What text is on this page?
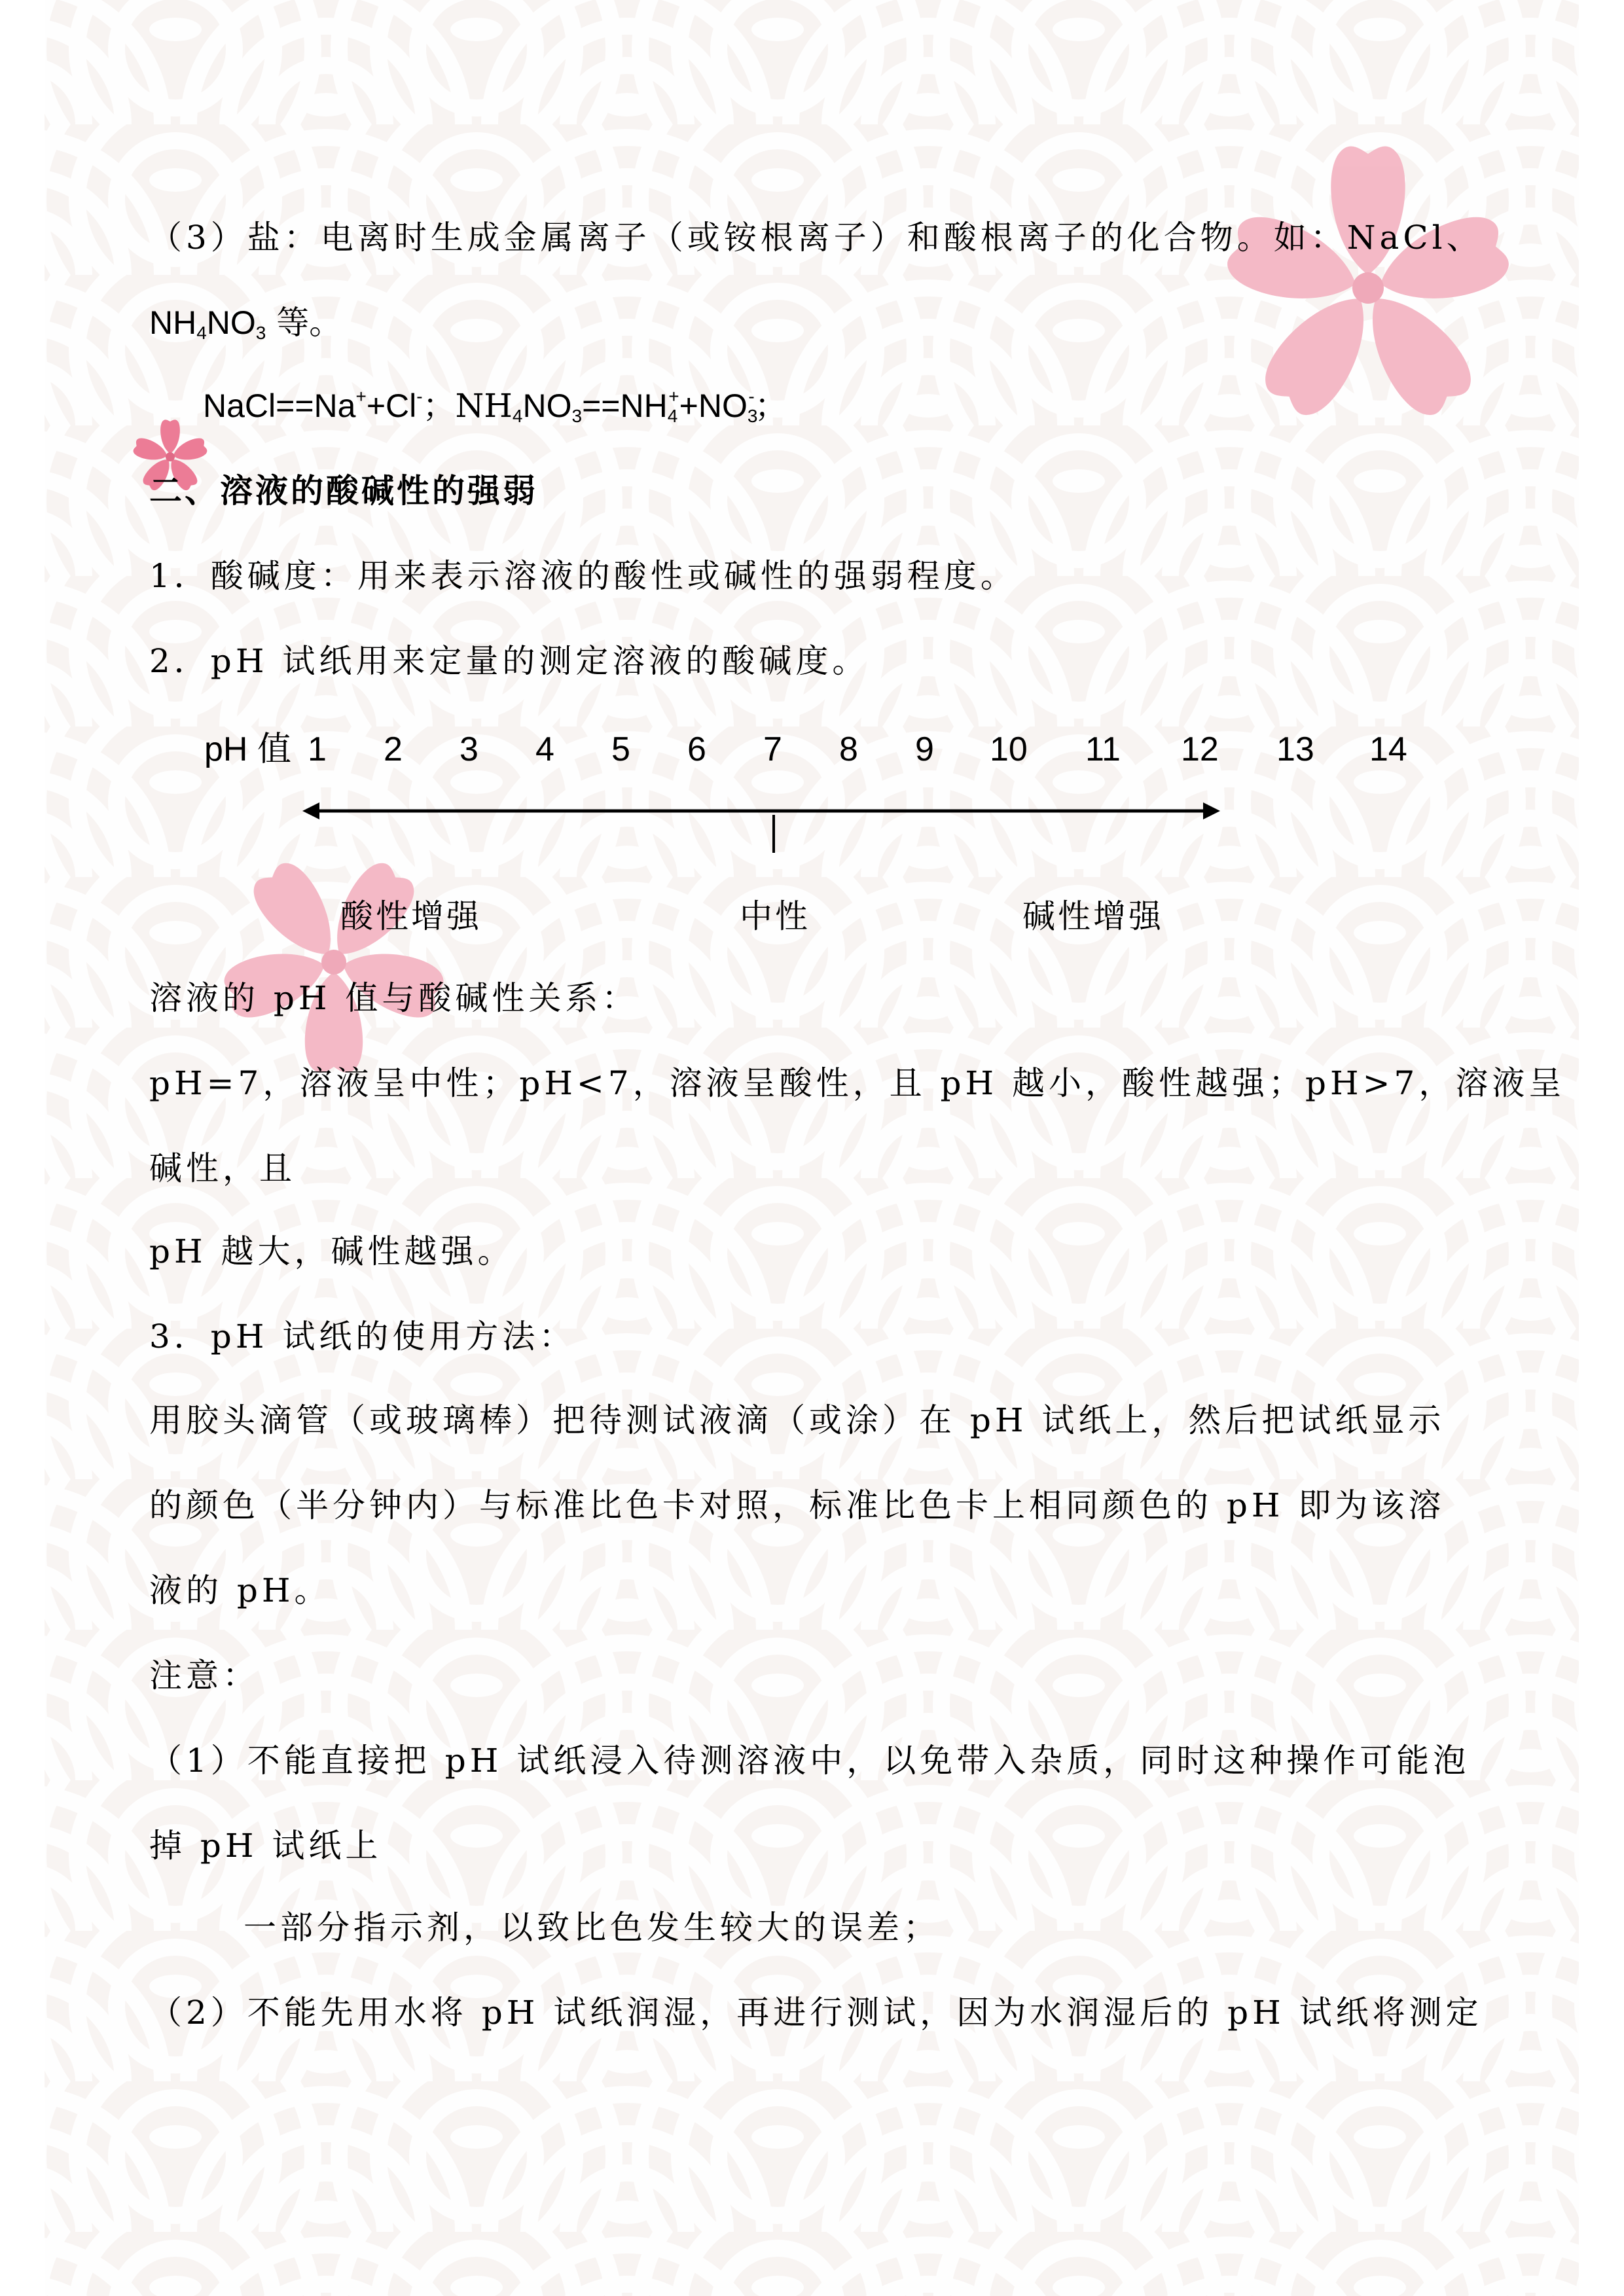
（3）盐：电离时生成金属离子（或铵根离子）和酸根离子的化合物。如：NaCl、
$NH_4NO_3$ 等。
NaCl==Na++Cl-；$NH_4NO_3==NH_4^++NO_3^-$；
二、溶液的酸碱性的强弱
1．酸碱度：用来表示溶液的酸性或碱性的强弱程度。
2．pH 试纸用来定量的测定溶液的酸碱度。
pH 值 1 2 3 4 5 6 7 8 9 10 11 12 13 14
酸性增强	中性	碱性增强
溶液的 pH 值与酸碱性关系：
pH=7，溶液呈中性；pH<7，溶液呈酸性，且 pH 越小，酸性越强；pH>7，溶液呈
碱性，且
pH 越大，碱性越强。
3．pH 试纸的使用方法：
用胶头滴管（或玻璃棒）把待测试液滴（或涂）在 pH 试纸上，然后把试纸显示
的颜色（半分钟内）与标准比色卡对照，标准比色卡上相同颜色的 pH 即为该溶
液的 pH。
注意：
（1）不能直接把 pH 试纸浸入待测溶液中，以免带入杂质，同时这种操作可能泡
掉 pH 试纸上
一部分指示剂，以致比色发生较大的误差；
（2）不能先用水将 pH 试纸润湿，再进行测试，因为水润湿后的 pH 试纸将测定
